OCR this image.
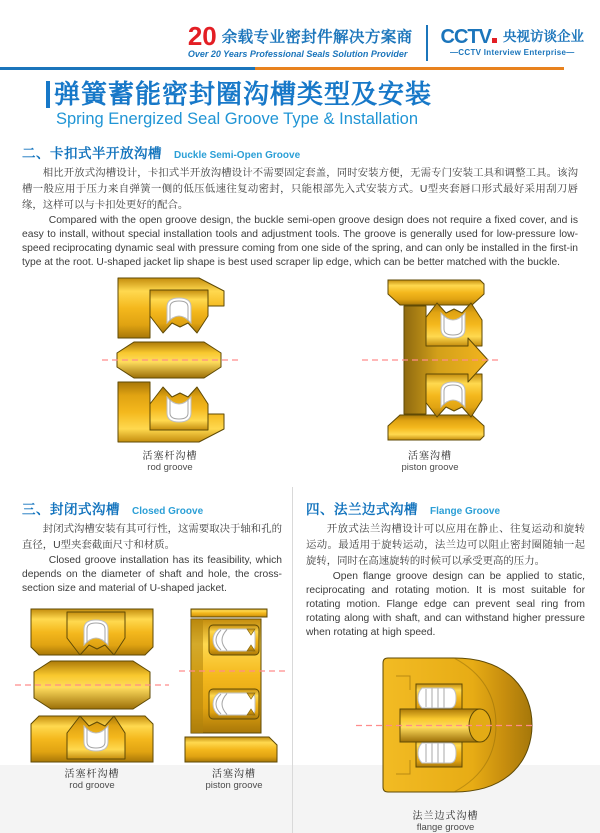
20 余载专业密封件解决方案商
Over 20 Years Professional Seals Solution Provider
CCTV 央视访谈企业
—CCTV Interview Enterprise—
弹簧蓄能密封圈沟槽类型及安装
Spring Energized Seal Groove Type & Installation
二、卡扣式半开放沟槽 Duckle Semi-Open Groove

相比开放式沟槽设计，卡扣式半开放沟槽设计不需要固定套盖，同时安装方便，无需专门安装工具和调整工具。该沟槽一般应用于压力来自弹簧一侧的低压低速往复动密封，只能根部先入式安装方式。U型夹套唇口形式最好采用刮刀唇缘，这样可以与卡扣处更好的配合。

Compared with the open groove design, the buckle semi-open groove design does not require a fixed cover, and is easy to install, without special installation tools and adjustment tools. The groove is generally used for low-pressure low-speed reciprocating dynamic seal with pressure coming from one side of the spring, and can only be installed in the first-in type at the root. U-shaped jacket lip shape is best used scraper lip edge, which can be better matched with the buckle.

活塞杆沟槽
rod groove
活塞沟槽
piston groove
三、封闭式沟槽 Closed Groove

封闭式沟槽安装有其可行性，这需要取决于轴和孔的直径，U型夹套截面尺寸和材质。

Closed groove installation has its feasibility, which depends on the diameter of shaft and hole, the cross-section size and material of U-shaped jacket.

活塞杆沟槽
rod groove
活塞沟槽
piston groove
四、法兰边式沟槽 Flange Groove

开放式法兰沟槽设计可以应用在静止、往复运动和旋转运动。最适用于旋转运动，法兰边可以阻止密封圈随轴一起旋转，同时在高速旋转的时候可以承受更高的压力。

Open flange groove design can be applied to static, reciprocating and rotating motion. It is most suitable for rotating motion. Flange edge can prevent seal ring from rotating along with shaft, and can withstand higher pressure when rotating at high speed.

法兰边式沟槽
flange groove
